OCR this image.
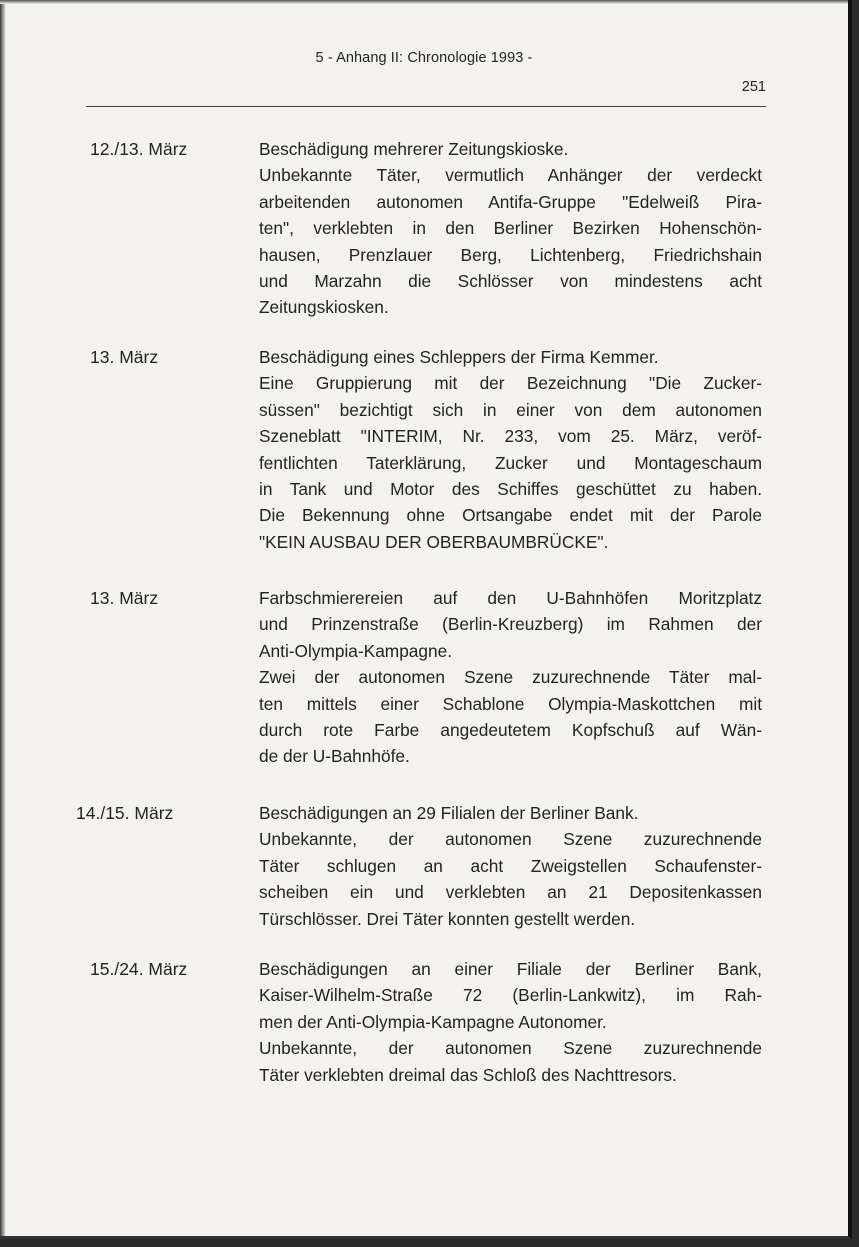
5 - Anhang II: Chronologie 1993 -
251
12./13. März	Beschädigung mehrerer Zeitungskioske.
Unbekannte Täter, vermutlich Anhänger der verdeckt
arbeitenden autonomen Antifa-Gruppe "Edelweiß Pira-
ten", verklebten in den Berliner Bezirken Hohenschön-
hausen, Prenzlauer Berg, Lichtenberg, Friedrichshain
und Marzahn die Schlösser von mindestens acht
Zeitungskiosken.
13. März	Beschädigung eines Schleppers der Firma Kemmer.
Eine Gruppierung mit der Bezeichnung "Die Zucker-
süssen" bezichtigt sich in einer von dem autonomen
Szeneblatt "INTERIM, Nr. 233, vom 25. März, veröf-
fentlichten Taterklärung, Zucker und Montageschaum
in Tank und Motor des Schiffes geschüttet zu haben.
Die Bekennung ohne Ortsangabe endet mit der Parole
"KEIN AUSBAU DER OBERBAUMBRÜCKE".
13. März	Farbschmierereien auf den U-Bahnhöfen Moritzplatz
und Prinzenstraße (Berlin-Kreuzberg) im Rahmen der
Anti-Olympia-Kampagne.
Zwei der autonomen Szene zuzurechnende Täter mal-
ten mittels einer Schablone Olympia-Maskottchen mit
durch rote Farbe angedeutetem Kopfschuß auf Wän-
de der U-Bahnhöfe.
14./15. März	Beschädigungen an 29 Filialen der Berliner Bank.
Unbekannte, der autonomen Szene zuzurechnende
Täter schlugen an acht Zweigstellen Schaufenster-
scheiben ein und verklebten an 21 Depositenkassen
Türschlösser. Drei Täter konnten gestellt werden.
15./24. März	Beschädigungen an einer Filiale der Berliner Bank,
Kaiser-Wilhelm-Straße 72 (Berlin-Lankwitz), im Rah-
men der Anti-Olympia-Kampagne Autonomer.
Unbekannte, der autonomen Szene zuzurechnende
Täter verklebten dreimal das Schloß des Nachttresors.
